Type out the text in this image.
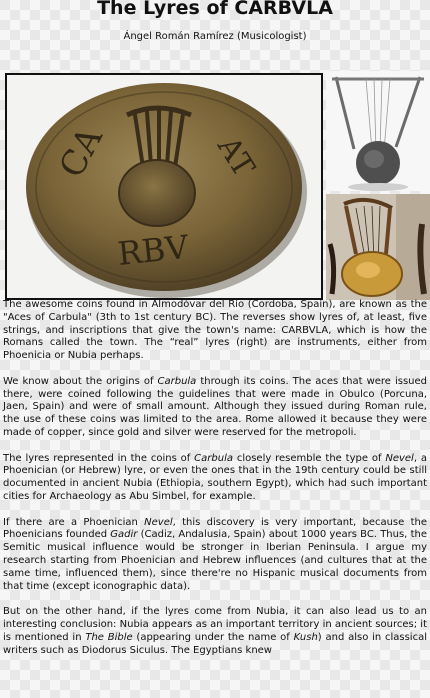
The Lyres of CARBVLA
Ángel Román Ramírez (Musicologist)
CA
RBV
AT

The awesome coins found in Almodóvar del Río (Cordoba, Spain), are known as the "Aces of Carbula" (3th to 1st century BC). The reverses show lyres of, at least, five strings, and inscriptions that give the town's name: CARBVLA, which is how the Romans called the town. The “real” lyres (right) are instruments, either from Phoenicia or Nubia perhaps.

We know about the origins of Carbula through its coins. The aces that were issued there, were coined following the guidelines that were made in Obulco (Porcuna, Jaen, Spain) and were of small amount. Although they issued during Roman rule, the use of these coins was limited to the area. Rome allowed it because they were made of copper, since gold and silver were reserved for the metropoli.

The lyres represented in the coins of Carbula closely resemble the type of Nevel, a Phoenician (or Hebrew) lyre, or even the ones that in the 19th century could be still documented in ancient Nubia (Ethiopia, southern Egypt), which had such important cities for Archaeology as Abu Simbel, for example.

If there are a Phoenician Nevel, this discovery is very important, because the Phoenicians founded Gadir (Cadiz, Andalusia, Spain) about 1000 years BC. Thus, the Semitic musical influence would be stronger in Iberian Peninsula. I argue my research starting from Phoenician and Hebrew influences (and cultures that at the same time, influenced them), since there're no Hispanic musical documents from that time (except iconographic data).

But on the other hand, if the lyres come from Nubia, it can also lead us to an interesting conclusion: Nubia appears as an important territory in ancient sources; it is mentioned in The Bible (appearing under the name of Kush) and also in classical writers such as Diodorus Siculus. The Egyptians knew
